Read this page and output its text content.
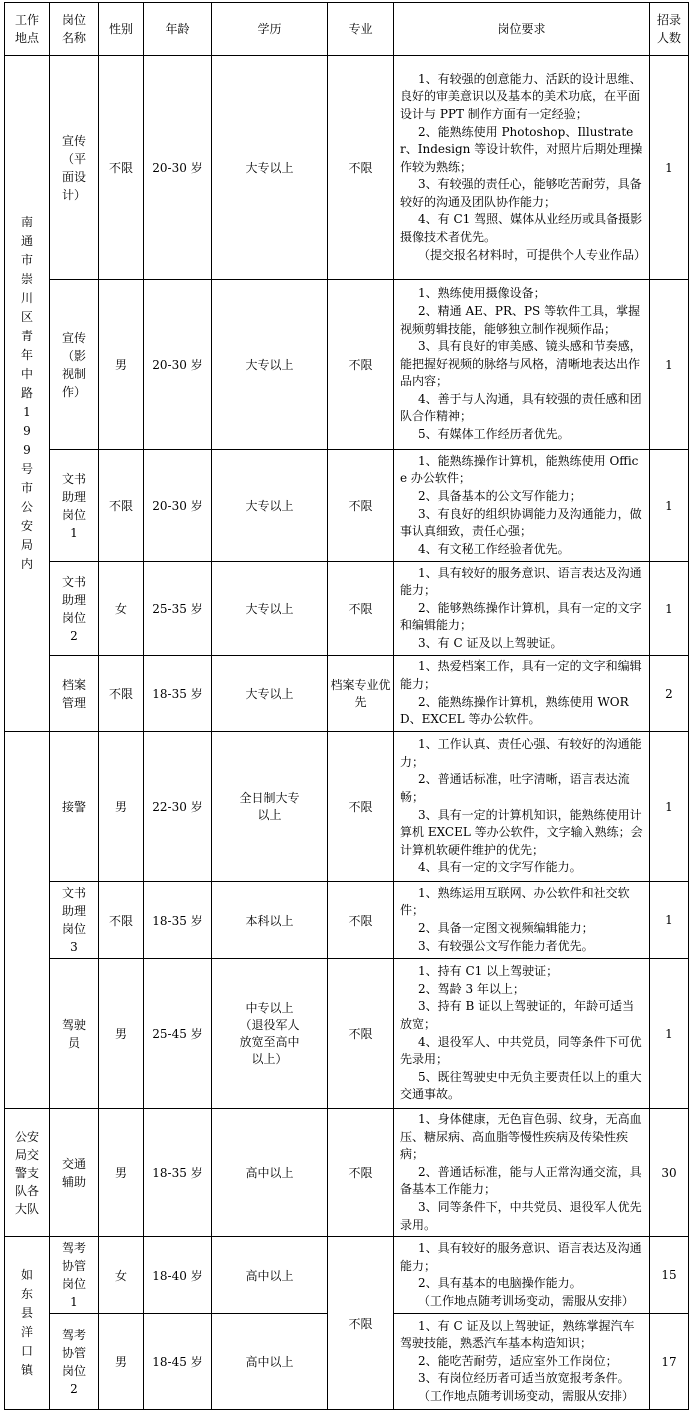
工作地点	岗位名称	性别	年龄	学历	专业	岗位要求	招录人数

南通市崇川区青年中路199号市公安局内	宣传（平面设计）	不限	20-30 岁	大专以上	不限	1、有较强的创意能力、活跃的设计思维、良好的审美意识以及基本的美术功底，在平面设计与 PPT 制作方面有一定经验；

2、能熟练使用 Photoshop、Illustrater、Indesign 等设计软件，对照片后期处理操作较为熟练；

3、有较强的责任心，能够吃苦耐劳，具备较好的沟通及团队协作能力；

4、有 C1 驾照、媒体从业经历或具备摄影摄像技术者优先。

（提交报名材料时，可提供个人专业作品）	1

	宣传（影视制作）	男	20-30 岁	大专以上	不限	1、熟练使用摄像设备；

2、精通 AE、PR、PS 等软件工具，掌握视频剪辑技能，能够独立制作视频作品；

3、具有良好的审美感、镜头感和节奏感，能把握好视频的脉络与风格，清晰地表达出作品内容；

4、善于与人沟通，具有较强的责任感和团队合作精神；

5、有媒体工作经历者优先。	1

	文书助理岗位1	不限	20-30 岁	大专以上	不限	1、能熟练操作计算机，能熟练使用 Office 办公软件；

2、具备基本的公文写作能力；

3、有良好的组织协调能力及沟通能力，做事认真细致，责任心强；

4、有文秘工作经验者优先。	1

	文书助理岗位2	女	25-35 岁	大专以上	不限	1、具有较好的服务意识、语言表达及沟通能力；

2、能够熟练操作计算机，具有一定的文字和编辑能力；

3、有 C 证及以上驾驶证。	1

	档案管理	不限	18-35 岁	大专以上	档案专业优先	1、热爱档案工作，具有一定的文字和编辑能力；

2、能熟练操作计算机，熟练使用 WORD、EXCEL 等办公软件。	2

	接警	男	22-30 岁	全日制大专以上	不限	1、工作认真、责任心强、有较好的沟通能力；

2、普通话标准，吐字清晰，语言表达流畅；

3、具有一定的计算机知识，能熟练使用计算机 EXCEL 等办公软件，文字输入熟练；会计算机软硬件维护的优先；

4、具有一定的文字写作能力。	1

	文书助理岗位3	不限	18-35 岁	本科以上	不限	1、熟练运用互联网、办公软件和社交软件；

2、具备一定图文视频编辑能力；

3、有较强公文写作能力者优先。	1

	驾驶员	男	25-45 岁	中专以上（退役军人放宽至高中以上）	不限	1、持有 C1 以上驾驶证；

2、驾龄 3 年以上；

3、持有 B 证以上驾驶证的，年龄可适当放宽；

4、退役军人、中共党员，同等条件下可优先录用；

5、既往驾驶史中无负主要责任以上的重大交通事故。	1

公安局交警支队各大队	交通辅助	男	18-35 岁	高中以上	不限	1、身体健康，无色盲色弱、纹身，无高血压、糖尿病、高血脂等慢性疾病及传染性疾病；

2、普通话标准，能与人正常沟通交流，具备基本工作能力；

3、同等条件下，中共党员、退役军人优先录用。	30

如东县洋口镇	驾考协管岗位1	女	18-40 岁	高中以上	不限	1、具有较好的服务意识、语言表达及沟通能力；

2、具有基本的电脑操作能力。

（工作地点随考训场变动，需服从安排）	15

	驾考协管岗位2	男	18-45 岁	高中以上		1、有 C 证及以上驾驶证，熟练掌握汽车驾驶技能，熟悉汽车基本构造知识；

2、能吃苦耐劳，适应室外工作岗位；

3、有岗位经历者可适当放宽报考条件。

（工作地点随考训场变动，需服从安排）	17
